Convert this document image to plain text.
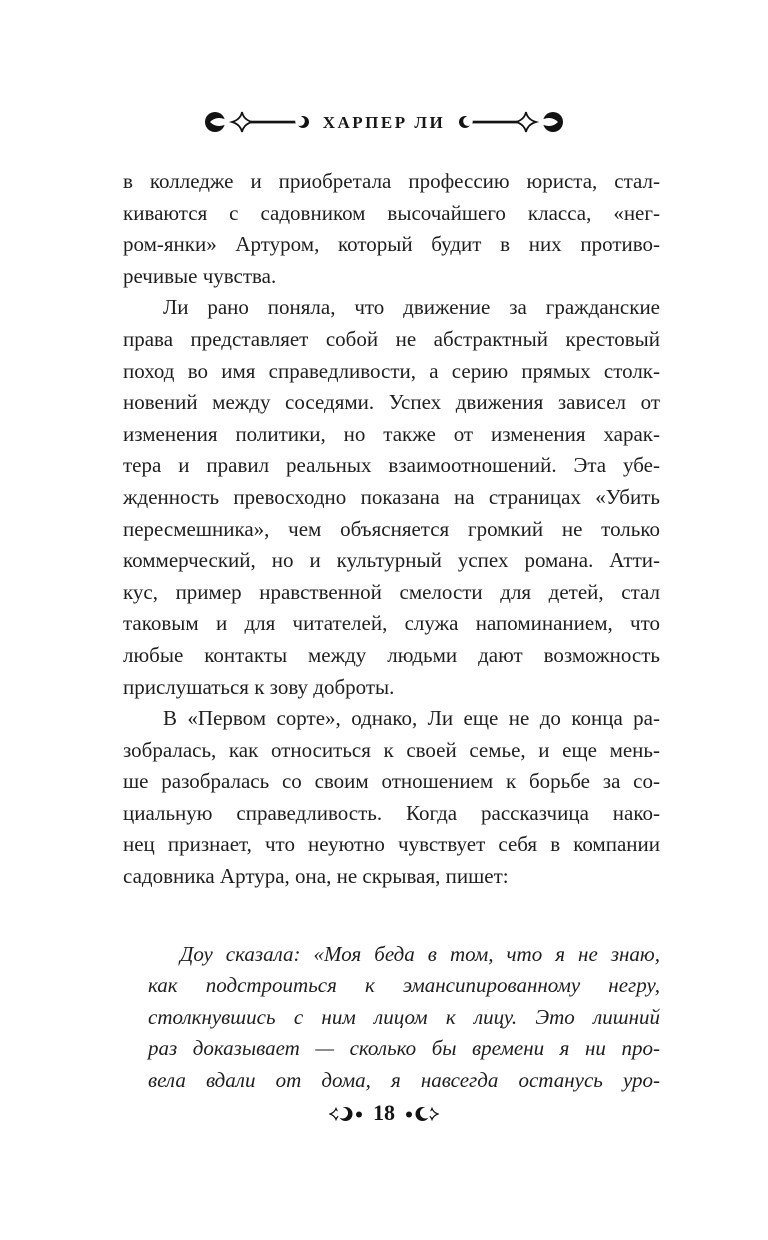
ХАРПЕР ЛИ
в колледже и приобретала профессию юриста, стал-
киваются с садовником высочайшего класса, «нег-
ром-янки» Артуром, который будит в них противо-
речивые чувства.
Ли рано поняла, что движение за гражданские
права представляет собой не абстрактный крестовый
поход во имя справедливости, а серию прямых столк-
новений между соседями. Успех движения зависел от
изменения политики, но также от изменения харак-
тера и правил реальных взаимоотношений. Эта убе-
жденность превосходно показана на страницах «Убить
пересмешника», чем объясняется громкий не только
коммерческий, но и культурный успех романа. Атти-
кус, пример нравственной смелости для детей, стал
таковым и для читателей, служа напоминанием, что
любые контакты между людьми дают возможность
прислушаться к зову доброты.
В «Первом сорте», однако, Ли еще не до конца ра-
зобралась, как относиться к своей семье, и еще мень-
ше разобралась со своим отношением к борьбе за со-
циальную справедливость. Когда рассказчица нако-
нец признает, что неуютно чувствует себя в компании
садовника Артура, она, не скрывая, пишет:
Доу сказала: «Моя беда в том, что я не знаю,
как подстроиться к эмансипированному негру,
столкнувшись с ним лицом к лицу. Это лишний
раз доказывает — сколько бы времени я ни про-
вела вдали от дома, я навсегда останусь уро-
18
